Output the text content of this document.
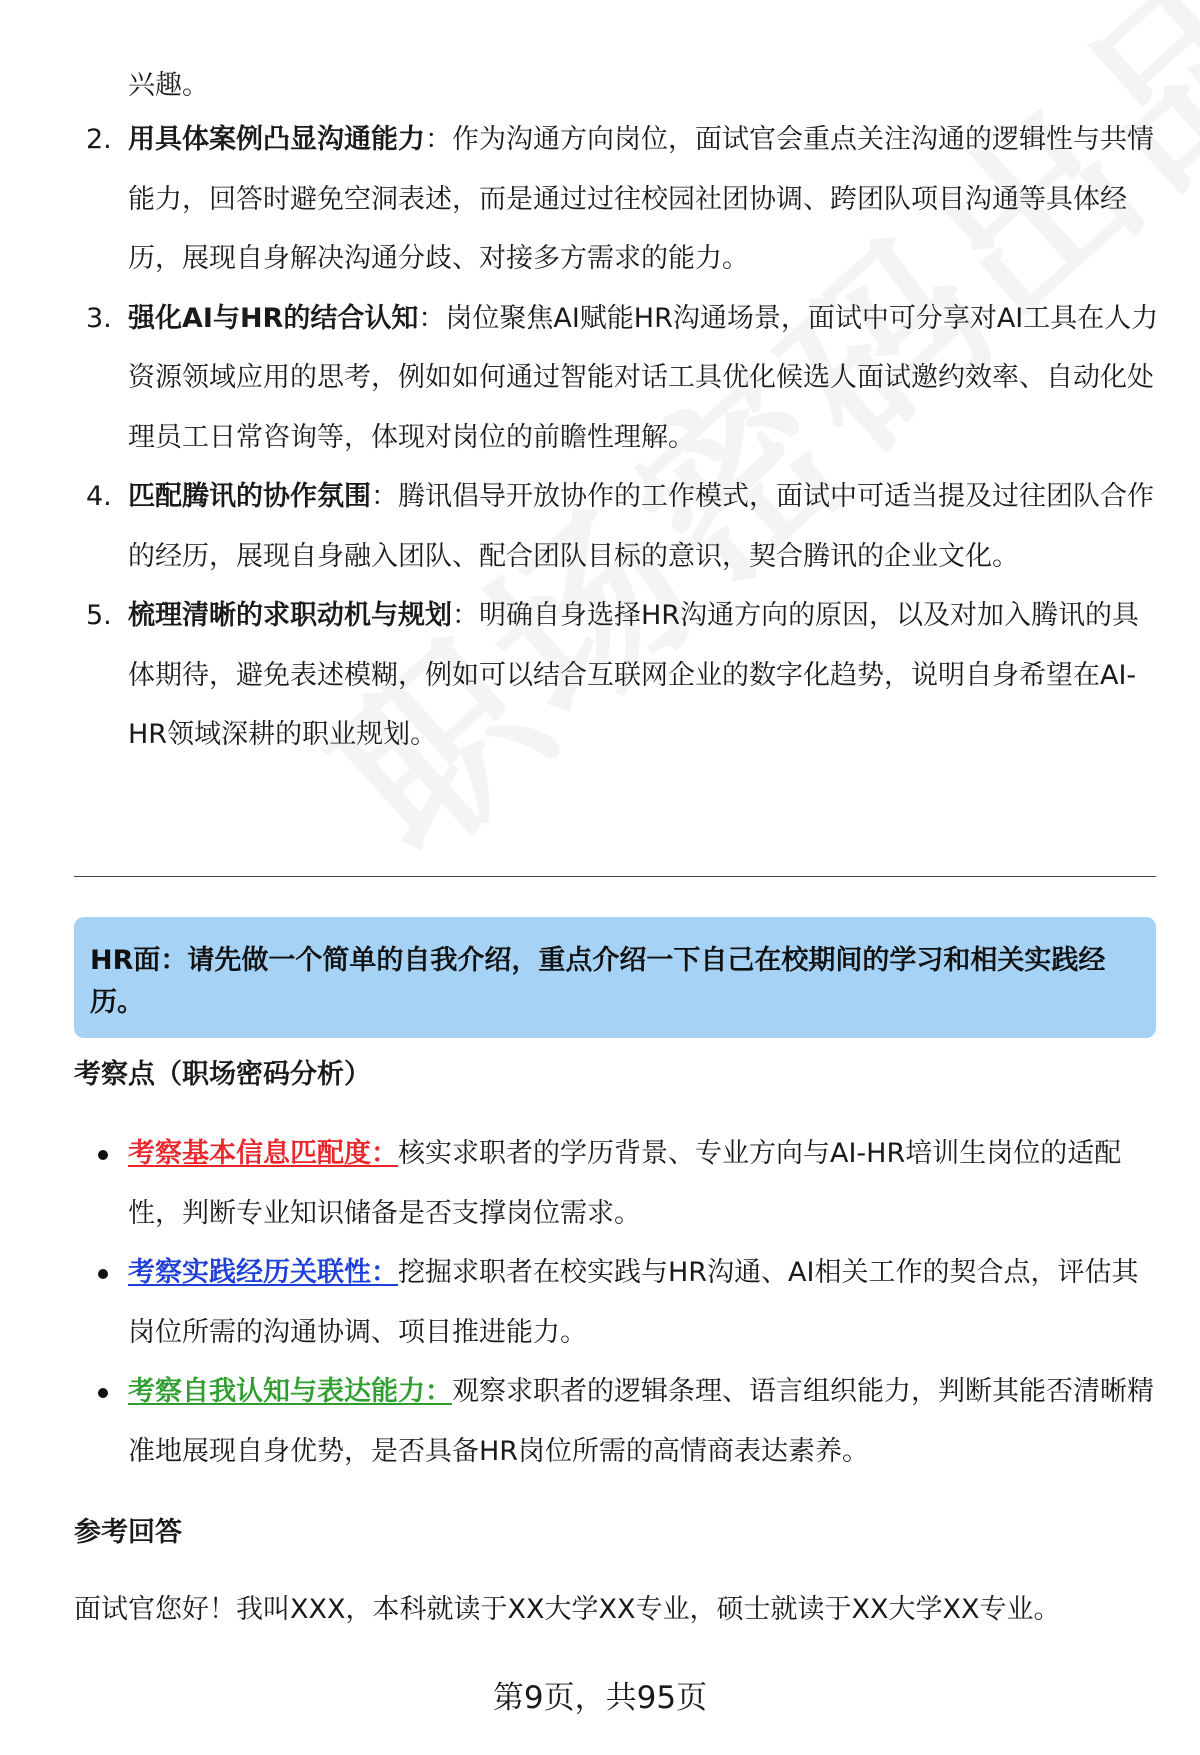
兴趣。
2. 用具体案例凸显沟通能力：作为沟通方向岗位，面试官会重点关注沟通的逻辑性与共情能力，回答时避免空洞表述，而是通过过往校园社团协调、跨团队项目沟通等具体经历，展现自身解决沟通分歧、对接多方需求的能力。
3. 强化AI与HR的结合认知：岗位聚焦AI赋能HR沟通场景，面试中可分享对AI工具在人力资源领域应用的思考，例如如何通过智能对话工具优化候选人面试邀约效率、自动化处理员工日常咨询等，体现对岗位的前瞻性理解。
4. 匹配腾讯的协作氛围：腾讯倡导开放协作的工作模式，面试中可适当提及过往团队合作的经历，展现自身融入团队、配合团队目标的意识，契合腾讯的企业文化。
5. 梳理清晰的求职动机与规划：明确自身选择HR沟通方向的原因，以及对加入腾讯的具体期待，避免表述模糊，例如可以结合互联网企业的数字化趋势，说明自身希望在AI-HR领域深耕的职业规划。
HR面：请先做一个简单的自我介绍，重点介绍一下自己在校期间的学习和相关实践经历。
考察点（职场密码分析）
考察基本信息匹配度：核实求职者的学历背景、专业方向与AI-HR培训生岗位的适配性，判断专业知识储备是否支撑岗位需求。
考察实践经历关联性：挖掘求职者在校实践与HR沟通、AI相关工作的契合点，评估其岗位所需的沟通协调、项目推进能力。
考察自我认知与表达能力：观察求职者的逻辑条理、语言组织能力，判断其能否清晰精准地展现自身优势，是否具备HR岗位所需的高情商表达素养。
参考回答
面试官您好！我叫XXX，本科就读于XX大学XX专业，硕士就读于XX大学XX专业。
第9页，共95页
